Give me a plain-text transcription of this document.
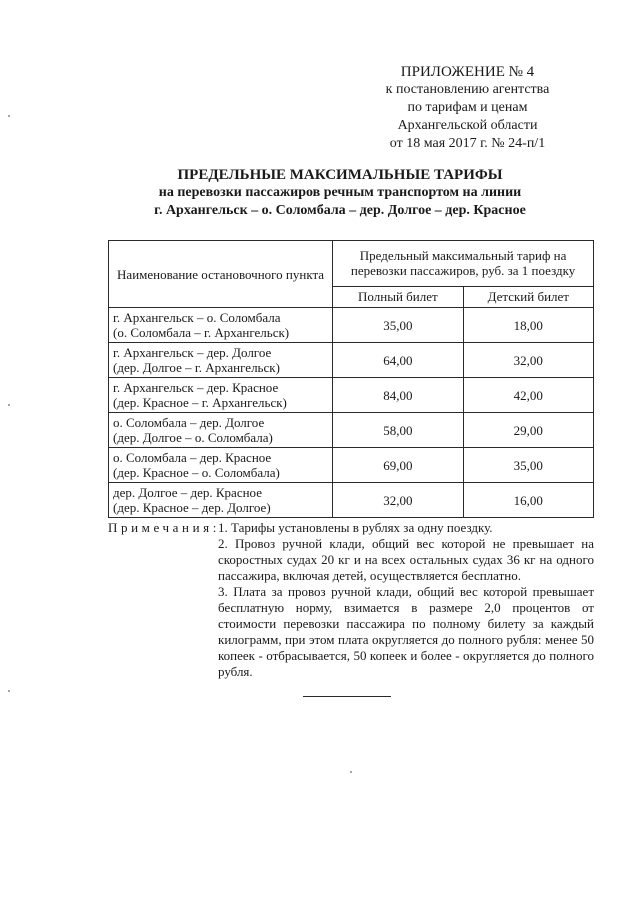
ПРИЛОЖЕНИЕ № 4
к постановлению агентства
по тарифам и ценам
Архангельской области
от 18 мая 2017 г. № 24-п/1
ПРЕДЕЛЬНЫЕ МАКСИМАЛЬНЫЕ ТАРИФЫ
на перевозки пассажиров речным транспортом на линии
г. Архангельск – о. Соломбала – дер. Долгое – дер. Красное
Наименование остановочного пункта	Предельный максимальный тариф на перевозки пассажиров, руб. за 1 поездку	
	Полный билет	Детский билет

г. Архангельск – о. Соломбала
(о. Соломбала – г. Архангельск)	35,00	18,00

г. Архангельск – дер. Долгое
(дер. Долгое – г. Архангельск)	64,00	32,00

г. Архангельск – дер. Красное
(дер. Красное – г. Архангельск)	84,00	42,00

о. Соломбала – дер. Долгое
(дер. Долгое – о. Соломбала)	58,00	29,00

о. Соломбала – дер. Красное
(дер. Красное – о. Соломбала)	69,00	35,00

дер. Долгое – дер. Красное
(дер. Красное – дер. Долгое)	32,00	16,00
Примечания:
1. Тарифы установлены в рублях за одну поездку.
2. Провоз ручной клади, общий вес которой не превышает на скоростных судах 20 кг и на всех остальных судах 36 кг на одного пассажира, включая детей, осуществляется бесплатно.
3. Плата за провоз ручной клади, общий вес которой превышает бесплатную норму, взимается в размере 2,0 процентов от стоимости перевозки пассажира по полному билету за каждый килограмм, при этом плата округляется до полного рубля: менее 50 копеек - отбрасывается, 50 копеек и более - округляется до полного рубля.
